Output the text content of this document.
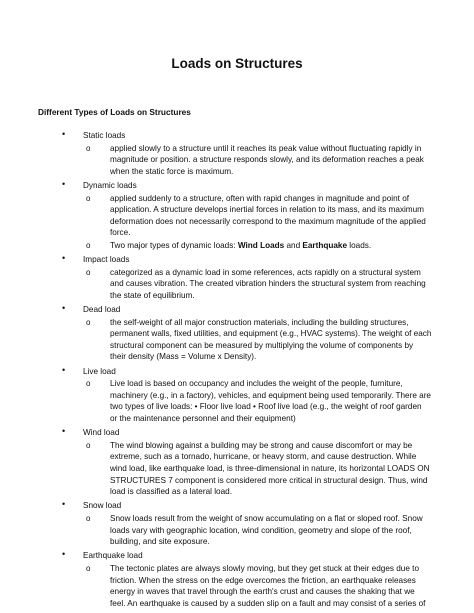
Loads on Structures
Different Types of Loads on Structures
• Static loads
o applied slowly to a structure until it reaches its peak value without fluctuating rapidly in
magnitude or position. a structure responds slowly, and its deformation reaches a peak
when the static force is maximum.
• Dynamic loads
o applied suddenly to a structure, often with rapid changes in magnitude and point of
application. A structure develops inertial forces in relation to its mass, and its maximum
deformation does not necessarily correspond to the maximum magnitude of the applied
force.
o Two major types of dynamic loads: Wind Loads and Earthquake loads.
• Impact loads
o categorized as a dynamic load in some references, acts rapidly on a structural system
and causes vibration. The created vibration hinders the structural system from reaching
the state of equilibrium.
• Dead load
o the self-weight of all major construction materials, including the building structures,
permanent walls, fixed utilities, and equipment (e.g., HVAC systems). The weight of each
structural component can be measured by multiplying the volume of components by
their density (Mass = Volume x Density).
• Live load
o Live load is based on occupancy and includes the weight of the people, furniture,
machinery (e.g., in a factory), vehicles, and equipment being used temporarily. There are
two types of live loads: • Floor live load • Roof live load (e.g., the weight of roof garden
or the maintenance personnel and their equipment)
• Wind load
o The wind blowing against a building may be strong and cause discomfort or may be
extreme, such as a tornado, hurricane, or heavy storm, and cause destruction. While
wind load, like earthquake load, is three-dimensional in nature, its horizontal LOADS ON
STRUCTURES 7 component is considered more critical in structural design. Thus, wind
load is classified as a lateral load.
• Snow load
o Snow loads result from the weight of snow accumulating on a flat or sloped roof. Snow
loads vary with geographic location, wind condition, geometry and slope of the roof,
building, and site exposure.
• Earthquake load
o The tectonic plates are always slowly moving, but they get stuck at their edges due to
friction. When the stress on the edge overcomes the friction, an earthquake releases
energy in waves that travel through the earth's crust and causes the shaking that we
feel. An earthquake is caused by a sudden slip on a fault and may consist of a series of
